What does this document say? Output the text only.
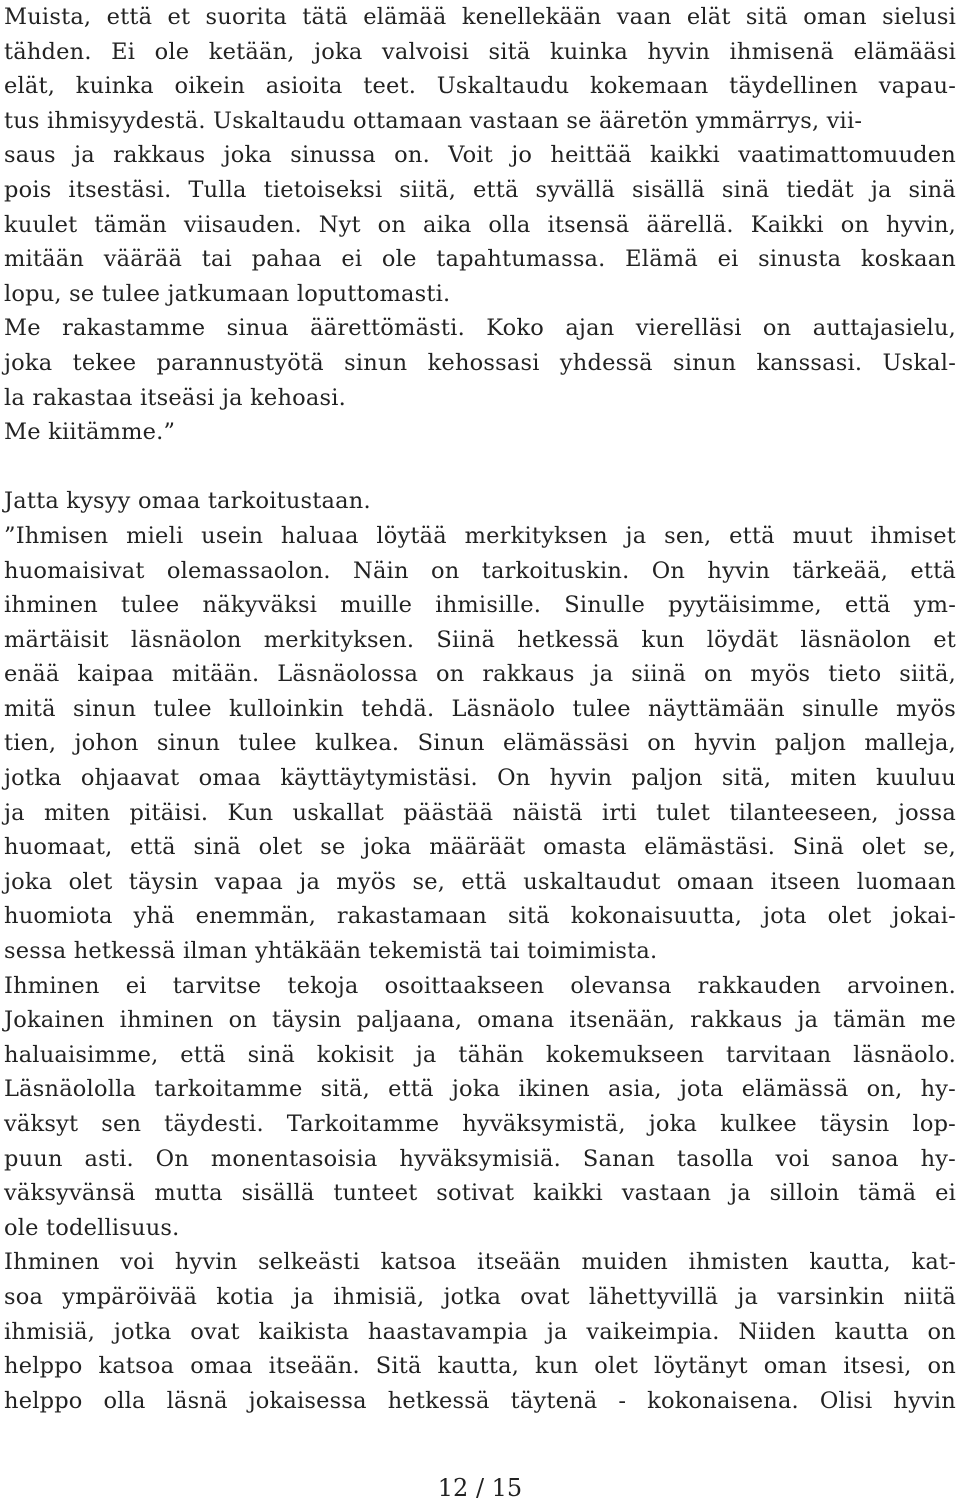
Muista, että et suorita tätä elämää kenellekään vaan elät sitä oman sielusi
tähden. Ei ole ketään, joka valvoisi sitä kuinka hyvin ihmisenä elämääsi
elät, kuinka oikein asioita teet. Uskaltaudu kokemaan täydellinen vapau-
tus ihmisyydestä. Uskaltaudu ottamaan vastaan se ääretön ymmärrys, vii-
saus ja rakkaus joka sinussa on. Voit jo heittää kaikki vaatimattomuuden
pois itsestäsi. Tulla tietoiseksi siitä, että syvällä sisällä sinä tiedät ja sinä
kuulet tämän viisauden. Nyt on aika olla itsensä äärellä. Kaikki on hyvin,
mitään väärää tai pahaa ei ole tapahtumassa. Elämä ei sinusta koskaan
lopu, se tulee jatkumaan loputtomasti.
Me rakastamme sinua äärettömästi. Koko ajan vierelläsi on auttajasielu,
joka tekee parannustyötä sinun kehossasi yhdessä sinun kanssasi. Uskal-
la rakastaa itseäsi ja kehoasi.
Me kiitämme.”
Jatta kysyy omaa tarkoitustaan.
”Ihmisen mieli usein haluaa löytää merkityksen ja sen, että muut ihmiset
huomaisivat olemassaolon. Näin on tarkoituskin. On hyvin tärkeää, että
ihminen tulee näkyväksi muille ihmisille. Sinulle pyytäisimme, että ym-
märtäisit läsnäolon merkityksen. Siinä hetkessä kun löydät läsnäolon et
enää kaipaa mitään. Läsnäolossa on rakkaus ja siinä on myös tieto siitä,
mitä sinun tulee kulloinkin tehdä. Läsnäolo tulee näyttämään sinulle myös
tien, johon sinun tulee kulkea. Sinun elämässäsi on hyvin paljon malleja,
jotka ohjaavat omaa käyttäytymistäsi. On hyvin paljon sitä, miten kuuluu
ja miten pitäisi. Kun uskallat päästää näistä irti tulet tilanteeseen, jossa
huomaat, että sinä olet se joka määräät omasta elämästäsi. Sinä olet se,
joka olet täysin vapaa ja myös se, että uskaltaudut omaan itseen luomaan
huomiota yhä enemmän, rakastamaan sitä kokonaisuutta, jota olet jokai-
sessa hetkessä ilman yhtäkään tekemistä tai toimimista.
Ihminen ei tarvitse tekoja osoittaakseen olevansa rakkauden arvoinen.
Jokainen ihminen on täysin paljaana, omana itsenään, rakkaus ja tämän me
haluaisimme, että sinä kokisit ja tähän kokemukseen tarvitaan läsnäolo.
Läsnäololla tarkoitamme sitä, että joka ikinen asia, jota elämässä on, hy-
väksyt sen täydesti. Tarkoitamme hyväksymistä, joka kulkee täysin lop-
puun asti. On monentasoisia hyväksymisiä. Sanan tasolla voi sanoa hy-
väksyvänsä mutta sisällä tunteet sotivat kaikki vastaan ja silloin tämä ei
ole todellisuus.
Ihminen voi hyvin selkeästi katsoa itseään muiden ihmisten kautta, kat-
soa ympäröivää kotia ja ihmisiä, jotka ovat lähettyvillä ja varsinkin niitä
ihmisiä, jotka ovat kaikista haastavampia ja vaikeimpia. Niiden kautta on
helppo katsoa omaa itseään. Sitä kautta, kun olet löytänyt oman itsesi, on
helppo olla läsnä jokaisessa hetkessä täytenä - kokonaisena. Olisi hyvin
12 / 15
